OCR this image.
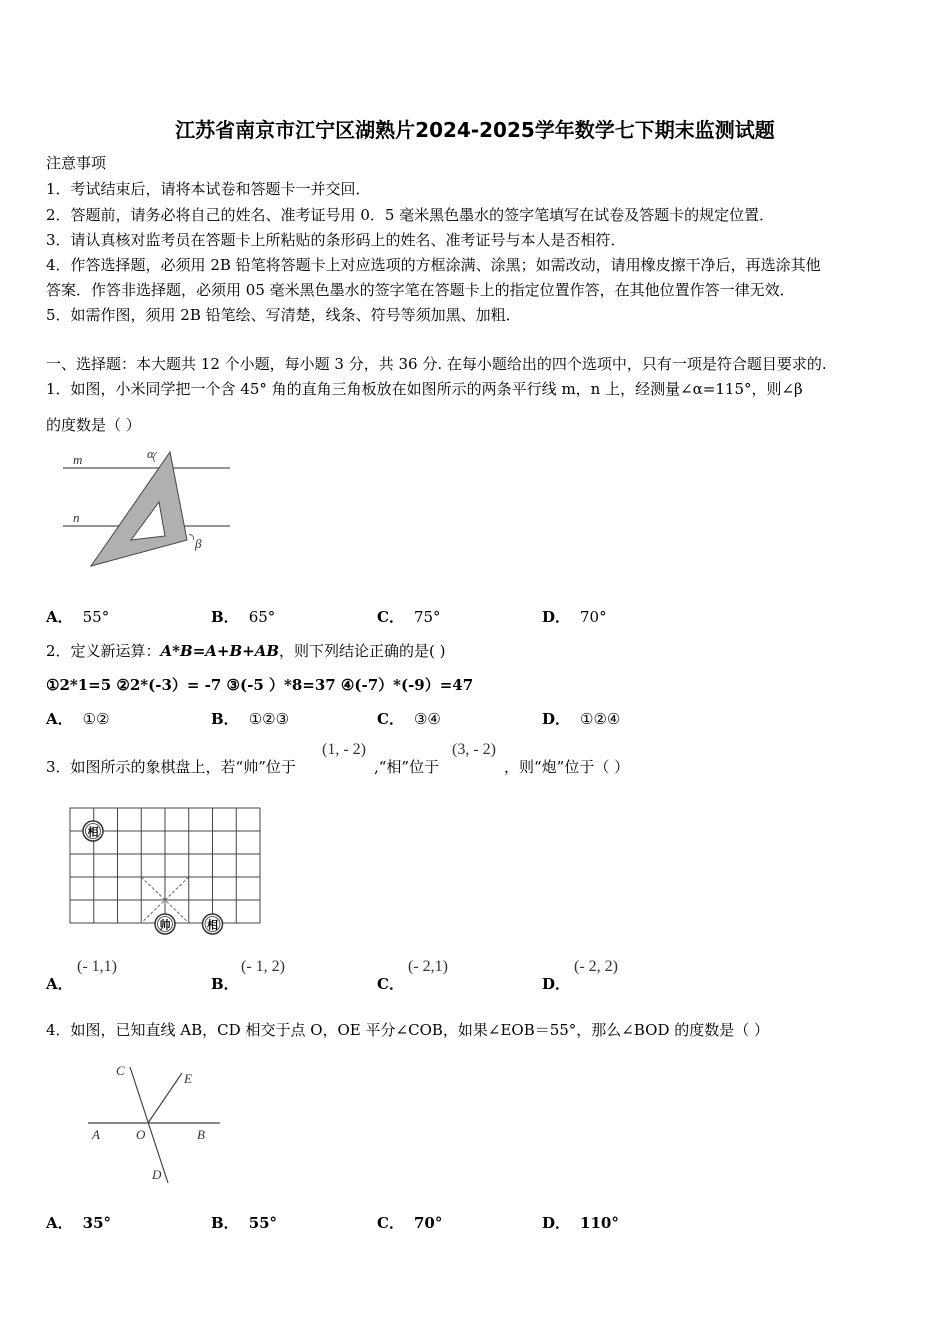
江苏省南京市江宁区湖熟片2024-2025学年数学七下期末监测试题
注意事项
1．考试结束后，请将本试卷和答题卡一并交回．
2．答题前，请务必将自己的姓名、准考证号用 0．5 毫米黑色墨水的签字笔填写在试卷及答题卡的规定位置．
3．请认真核对监考员在答题卡上所粘贴的条形码上的姓名、准考证号与本人是否相符．
4．作答选择题，必须用 2B 铅笔将答题卡上对应选项的方框涂满、涂黑；如需改动，请用橡皮擦干净后，再选涂其他
答案．作答非选择题，必须用 05 毫米黑色墨水的签字笔在答题卡上的指定位置作答，在其他位置作答一律无效．
5．如需作图，须用 2B 铅笔绘、写清楚，线条、符号等须加黑、加粗．
一、选择题：本大题共 12 个小题，每小题 3 分，共 36 分. 在每小题给出的四个选项中，只有一项是符合题目要求的.
1．如图，小米同学把一个含 45° 角的直角三角板放在如图所示的两条平行线 m，n 上，经测量∠α=115°，则∠β
的度数是（ ）
m
n
α
β
A． 55°	B． 65°	C． 75°	D． 70°
2．定义新运算：A*B=A+B+AB，则下列结论正确的是( )
①2*1=5 ②2*(-3）= -7 ③(-5 ）*8=37 ④(-7）*(-9）=47
A． ①②	B． ①②③	C． ③④	D． ①②④
3．如图所示的象棋盘上，若“帅”位于
(1, - 2)
,“相”位于
(3, - 2)
，则“炮”位于（ ）
相
帅	相
A．
(- 1,1)
B．
(- 1, 2)
C．
(- 2,1)
D．
(- 2, 2)
4．如图，已知直线 AB，CD 相交于点 O，OE 平分∠COB，如果∠EOB＝55°，那么∠BOD 的度数是（ ）
C
E
A	O	B
D
A． 35°	B． 55°	C． 70°	D． 110°
